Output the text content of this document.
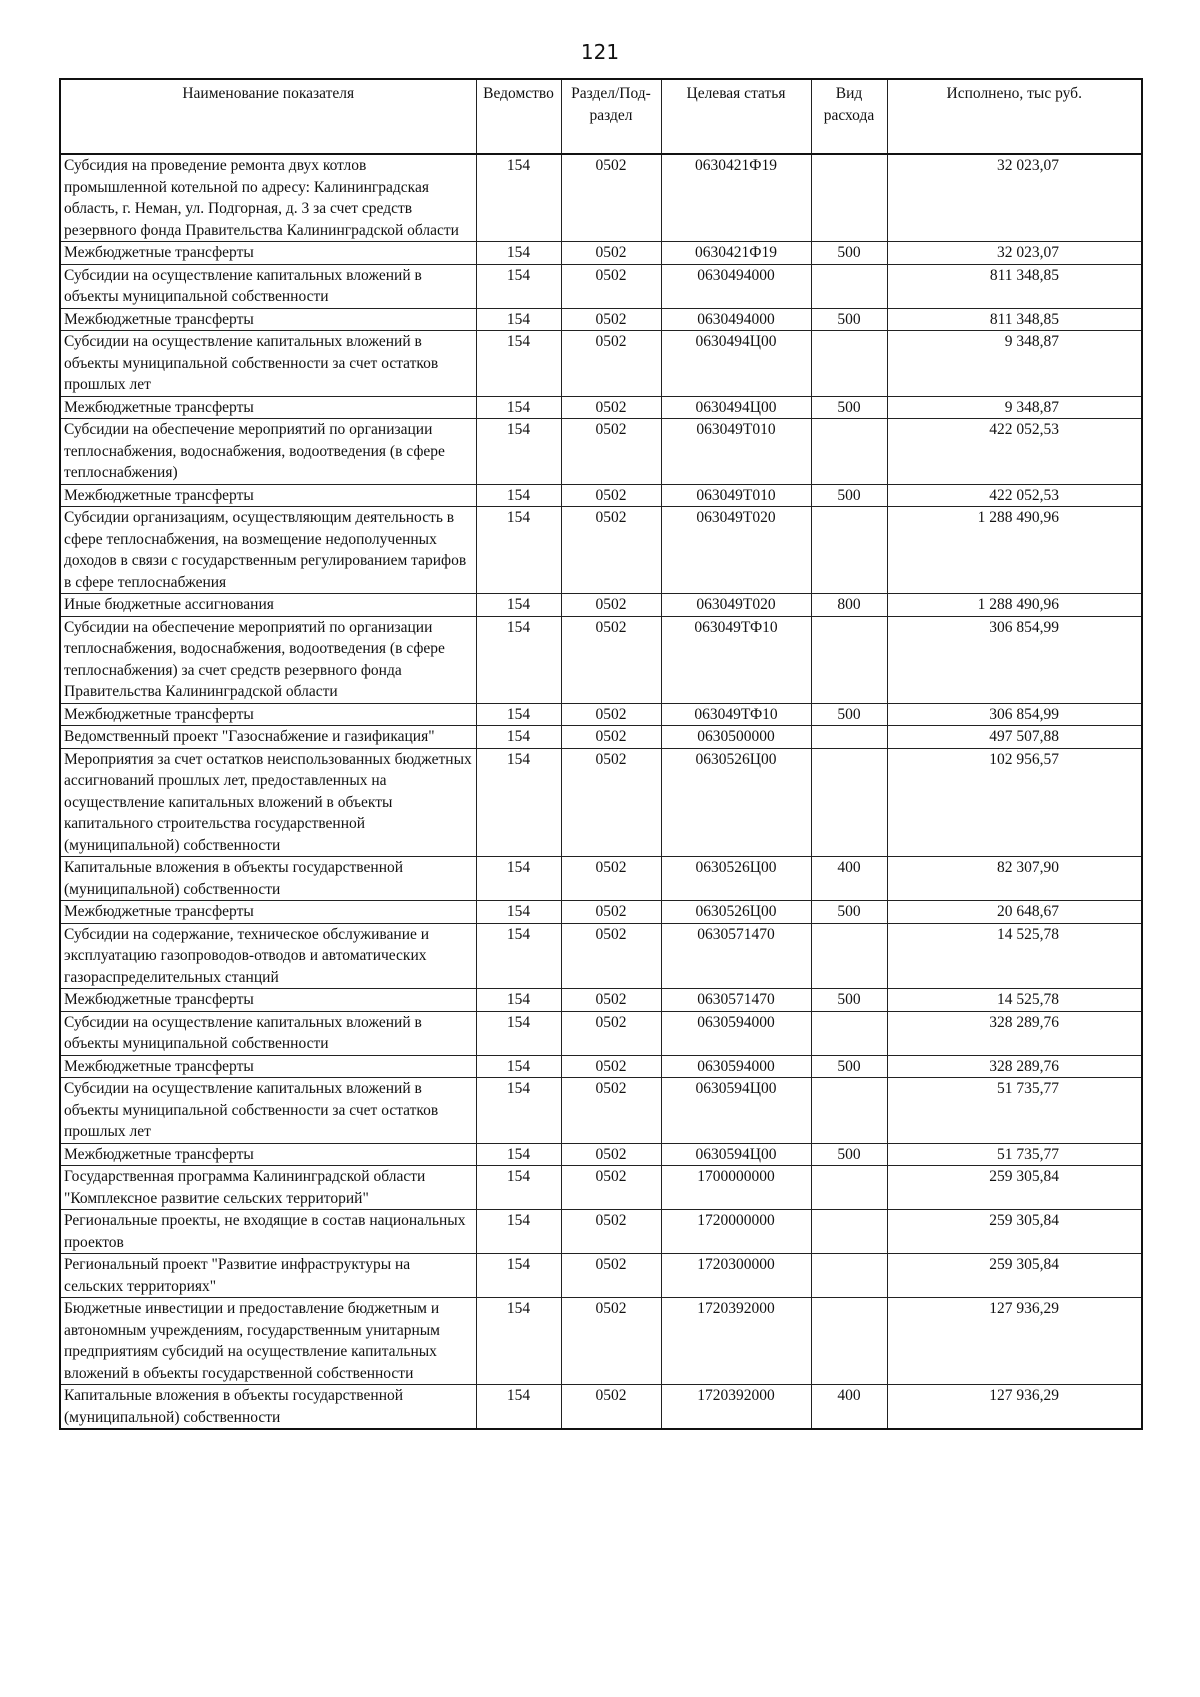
121
Наименование показателя	Ведомство	Раздел/Под-раздел	Целевая статья	Вид расхода	Исполнено, тыс руб.
Субсидия на проведение ремонта двух котлов промышленной котельной по адресу: Калининградская область, г. Неман, ул. Подгорная, д. 3 за счет средств резервного фонда Правительства Калининградской области	154	0502	0630421Ф19		32 023,07
Межбюджетные трансферты	154	0502	0630421Ф19	500	32 023,07
Субсидии на осуществление капитальных вложений в объекты муниципальной собственности	154	0502	0630494000		811 348,85
Межбюджетные трансферты	154	0502	0630494000	500	811 348,85
Субсидии на осуществление капитальных вложений в объекты муниципальной собственности за счет остатков прошлых лет	154	0502	0630494Ц00		9 348,87
Межбюджетные трансферты	154	0502	0630494Ц00	500	9 348,87
Субсидии на обеспечение мероприятий по организации теплоснабжения, водоснабжения, водоотведения (в сфере теплоснабжения)	154	0502	063049Т010		422 052,53
Межбюджетные трансферты	154	0502	063049Т010	500	422 052,53
Субсидии организациям, осуществляющим деятельность в сфере теплоснабжения, на возмещение недополученных доходов в связи с государственным регулированием тарифов в сфере теплоснабжения	154	0502	063049Т020		1 288 490,96
Иные бюджетные ассигнования	154	0502	063049Т020	800	1 288 490,96
Субсидии на обеспечение мероприятий по организации теплоснабжения, водоснабжения, водоотведения (в сфере теплоснабжения) за счет средств резервного фонда Правительства Калининградской области	154	0502	063049ТФ10		306 854,99
Межбюджетные трансферты	154	0502	063049ТФ10	500	306 854,99
Ведомственный проект "Газоснабжение и газификация"	154	0502	0630500000		497 507,88
Мероприятия за счет остатков неиспользованных бюджетных ассигнований прошлых лет, предоставленных на осуществление капитальных вложений в объекты капитального строительства государственной (муниципальной) собственности	154	0502	0630526Ц00		102 956,57
Капитальные вложения в объекты государственной (муниципальной) собственности	154	0502	0630526Ц00	400	82 307,90
Межбюджетные трансферты	154	0502	0630526Ц00	500	20 648,67
Субсидии на содержание, техническое обслуживание и эксплуатацию газопроводов-отводов и автоматических газораспределительных станций	154	0502	0630571470		14 525,78
Межбюджетные трансферты	154	0502	0630571470	500	14 525,78
Субсидии на осуществление капитальных вложений в объекты муниципальной собственности	154	0502	0630594000		328 289,76
Межбюджетные трансферты	154	0502	0630594000	500	328 289,76
Субсидии на осуществление капитальных вложений в объекты муниципальной собственности за счет остатков прошлых лет	154	0502	0630594Ц00		51 735,77
Межбюджетные трансферты	154	0502	0630594Ц00	500	51 735,77
Государственная программа Калининградской области "Комплексное развитие сельских территорий"	154	0502	1700000000		259 305,84
Региональные проекты, не входящие в состав национальных проектов	154	0502	1720000000		259 305,84
Региональный проект "Развитие инфраструктуры на сельских территориях"	154	0502	1720300000		259 305,84
Бюджетные инвестиции и предоставление бюджетным и автономным учреждениям, государственным унитарным предприятиям субсидий на осуществление капитальных вложений в объекты государственной собственности	154	0502	1720392000		127 936,29
Капитальные вложения в объекты государственной (муниципальной) собственности	154	0502	1720392000	400	127 936,29
